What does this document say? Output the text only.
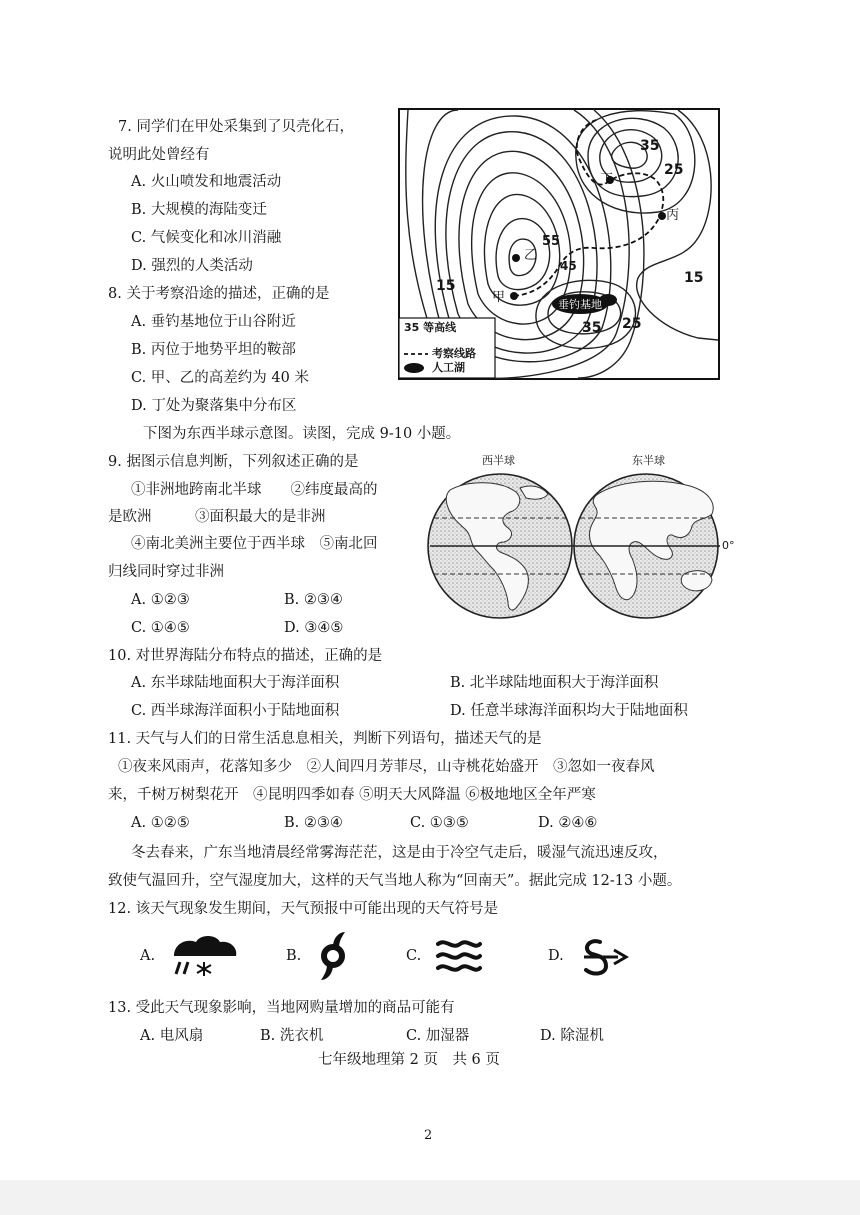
7. 同学们在甲处采集到了贝壳化石，
说明此处曾经有
A. 火山喷发和地震活动
B. 大规模的海陆变迁
C. 气候变化和冰川消融
D. 强烈的人类活动
8. 关于考察沿途的描述，正确的是
A. 垂钓基地位于山谷附近
B. 丙位于地势平坦的鞍部
C. 甲、乙的高差约为 40 米
D. 丁处为聚落集中分布区
35
25
15
15
55
45
35 25
丙
甲
乙
丁
垂钓基地
35 等高线
考察线路
人工湖
下图为东西半球示意图。读图，完成 9-10 小题。
9. 据图示信息判断，下列叙述正确的是
①非洲地跨南北半球　　②纬度最高的
是欧洲　　　③面积最大的是非洲
④南北美洲主要位于西半球　⑤南北回
归线同时穿过非洲
A. ①②③	B. ②③④
C. ①④⑤	D. ③④⑤
西半球	东半球
0°
10. 对世界海陆分布特点的描述，正确的是
A. 东半球陆地面积大于海洋面积	B. 北半球陆地面积大于海洋面积
C. 西半球海洋面积小于陆地面积	D. 任意半球海洋面积均大于陆地面积
11. 天气与人们的日常生活息息相关，判断下列语句，描述天气的是
①夜来风雨声，花落知多少　②人间四月芳菲尽，山寺桃花始盛开　③忽如一夜春风
来，千树万树梨花开　④昆明四季如春 ⑤明天大风降温 ⑥极地地区全年严寒
A. ①②⑤	B. ②③④	C. ①③⑤	D. ②④⑥
冬去春来，广东当地清晨经常雾海茫茫，这是由于冷空气走后，暖湿气流迅速反攻，
致使气温回升，空气湿度加大，这样的天气当地人称为“回南天”。据此完成 12-13 小题。
12. 该天气现象发生期间，天气预报中可能出现的天气符号是
A.	B.	C.	D.
13. 受此天气现象影响，当地网购量增加的商品可能有
A. 电风扇	B. 洗衣机	C. 加湿器	D. 除湿机
七年级地理第 2 页　共 6 页
2
